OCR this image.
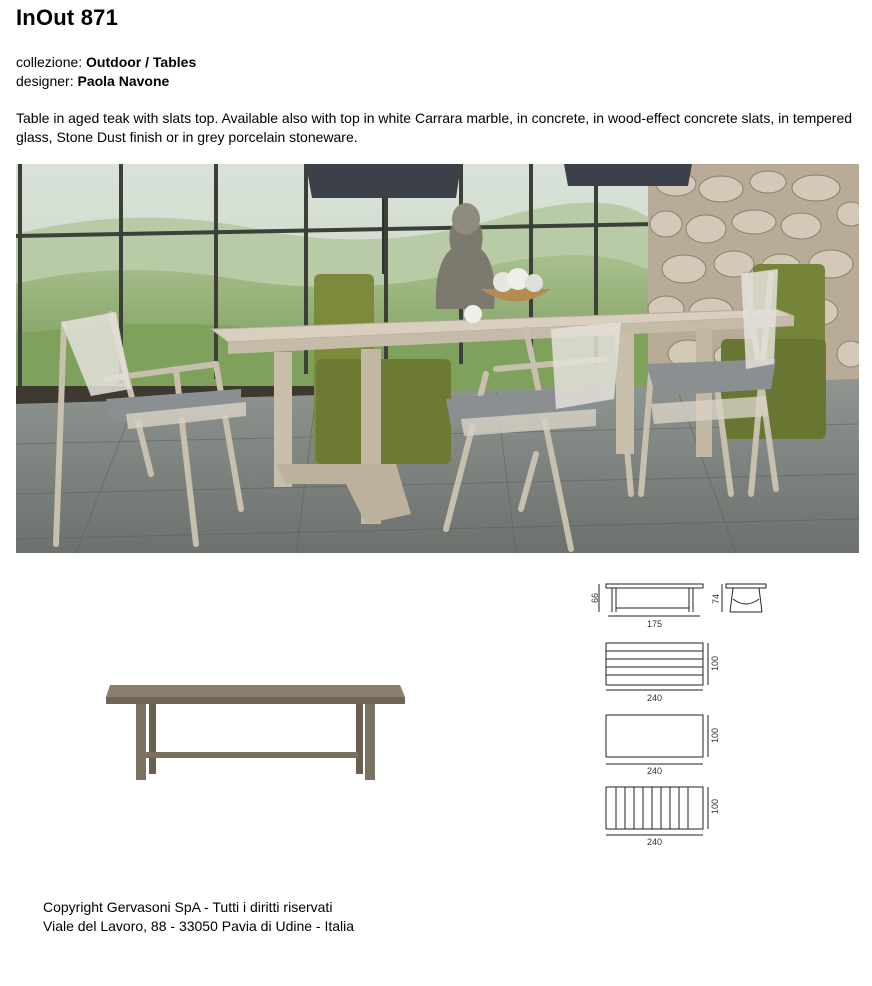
InOut 871
collezione: Outdoor / Tables
designer: Paola Navone
Table in aged teak with slats top. Available also with top in white Carrara marble, in concrete, in wood-effect concrete slats, in tempered glass, Stone Dust finish or in grey porcelain stoneware.
66
175
74
100
240
100
240
100
240
Copyright Gervasoni SpA - Tutti i diritti riservati
Viale del Lavoro, 88 - 33050 Pavia di Udine - Italia
